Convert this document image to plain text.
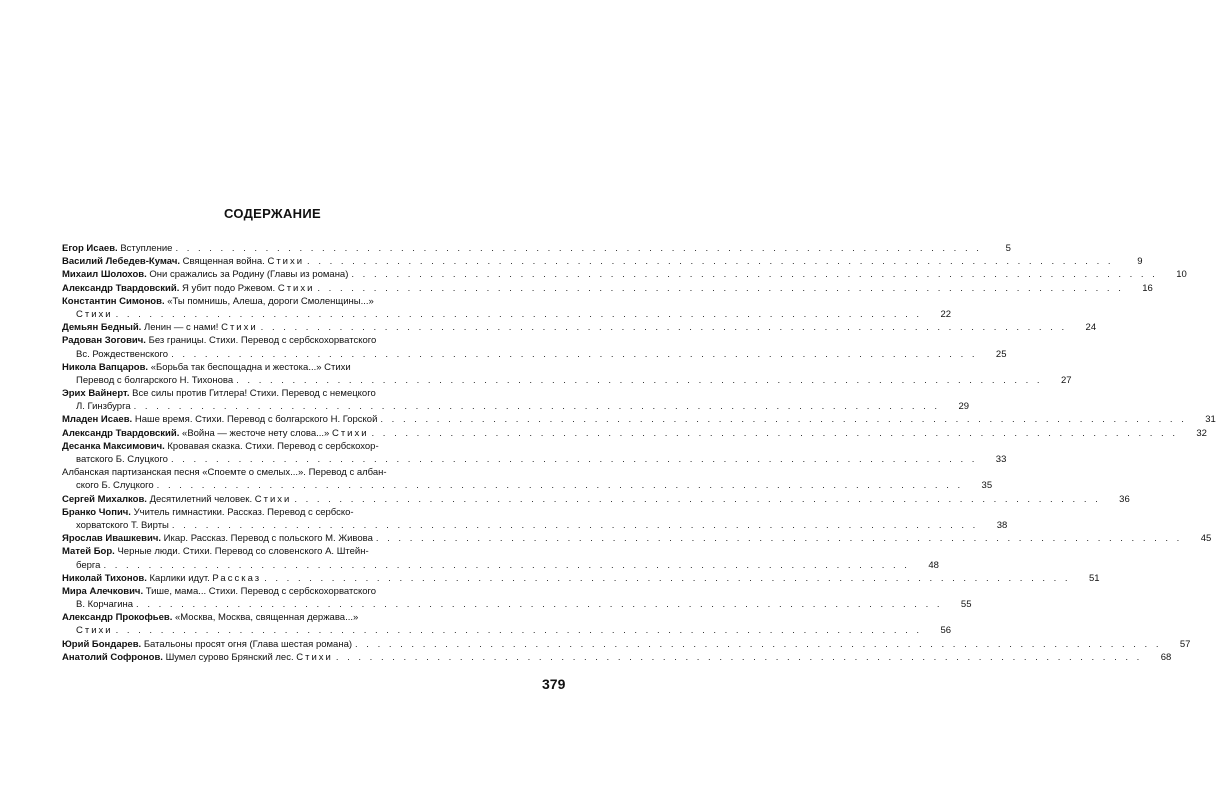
СОДЕРЖАНИЕ
Егор Исаев. Вступление . . .	5
Василий Лебедев-Кумач. Священная война. Стихи . . .	9
Михаил Шолохов. Они сражались за Родину (Главы из романа) . . .	10
Александр Твардовский. Я убит подо Ржевом. Стихи . . .	16
Константин Симонов. «Ты помнишь, Алеша, дороги Смоленщины...»
Стихи . . .	22
Демьян Бедный. Ленин — с нами! Стихи . . .	24
Радован Зогович. Без границы. Стихи. Перевод с сербскохорватского
Вс. Рождественского . . .	25
Никола Вапцаров. «Борьба так беспощадна и жестока...» Стихи
Перевод с болгарского Н. Тихонова . . .	27
Эрих Вайнерт. Все силы против Гитлера! Стихи. Перевод с немецкого
Л. Гинзбурга . . .	29
Младен Исаев. Наше время. Стихи. Перевод с болгарского Н. Горской . . .	31
Александр Твардовский. «Война — жесточе нету слова...» Стихи . . .	32
Десанка Максимович. Кровавая сказка. Стихи. Перевод с сербскохор-
ватского Б. Слуцкого . . .	33
Албанская партизанская песня «Споемте о смелых...». Перевод с албан-
ского Б. Слуцкого . . .	35
Сергей Михалков. Десятилетний человек. Стихи . . .	36
Бранко Чопич. Учитель гимнастики. Рассказ. Перевод с сербско-
хорватского Т. Вирты . . .	38
Ярослав Ивашкевич. Икар. Рассказ. Перевод с польского М. Живова . . .	45
Матей Бор. Черные люди. Стихи. Перевод со словенского А. Штейн-
берга . . .	48
Николай Тихонов. Карлики идут. Рассказ . . .	51
Мира Алечкович. Тише, мама... Стихи. Перевод с сербскохорватского
В. Корчагина . . .	55
Александр Прокофьев. «Москва, Москва, священная держава...»
Стихи . . .	56
Юрий Бондарев. Батальоны просят огня (Глава шестая романа) . . .	57
Анатолий Софронов. Шумел сурово Брянский лес. Стихи . . .	68
379
